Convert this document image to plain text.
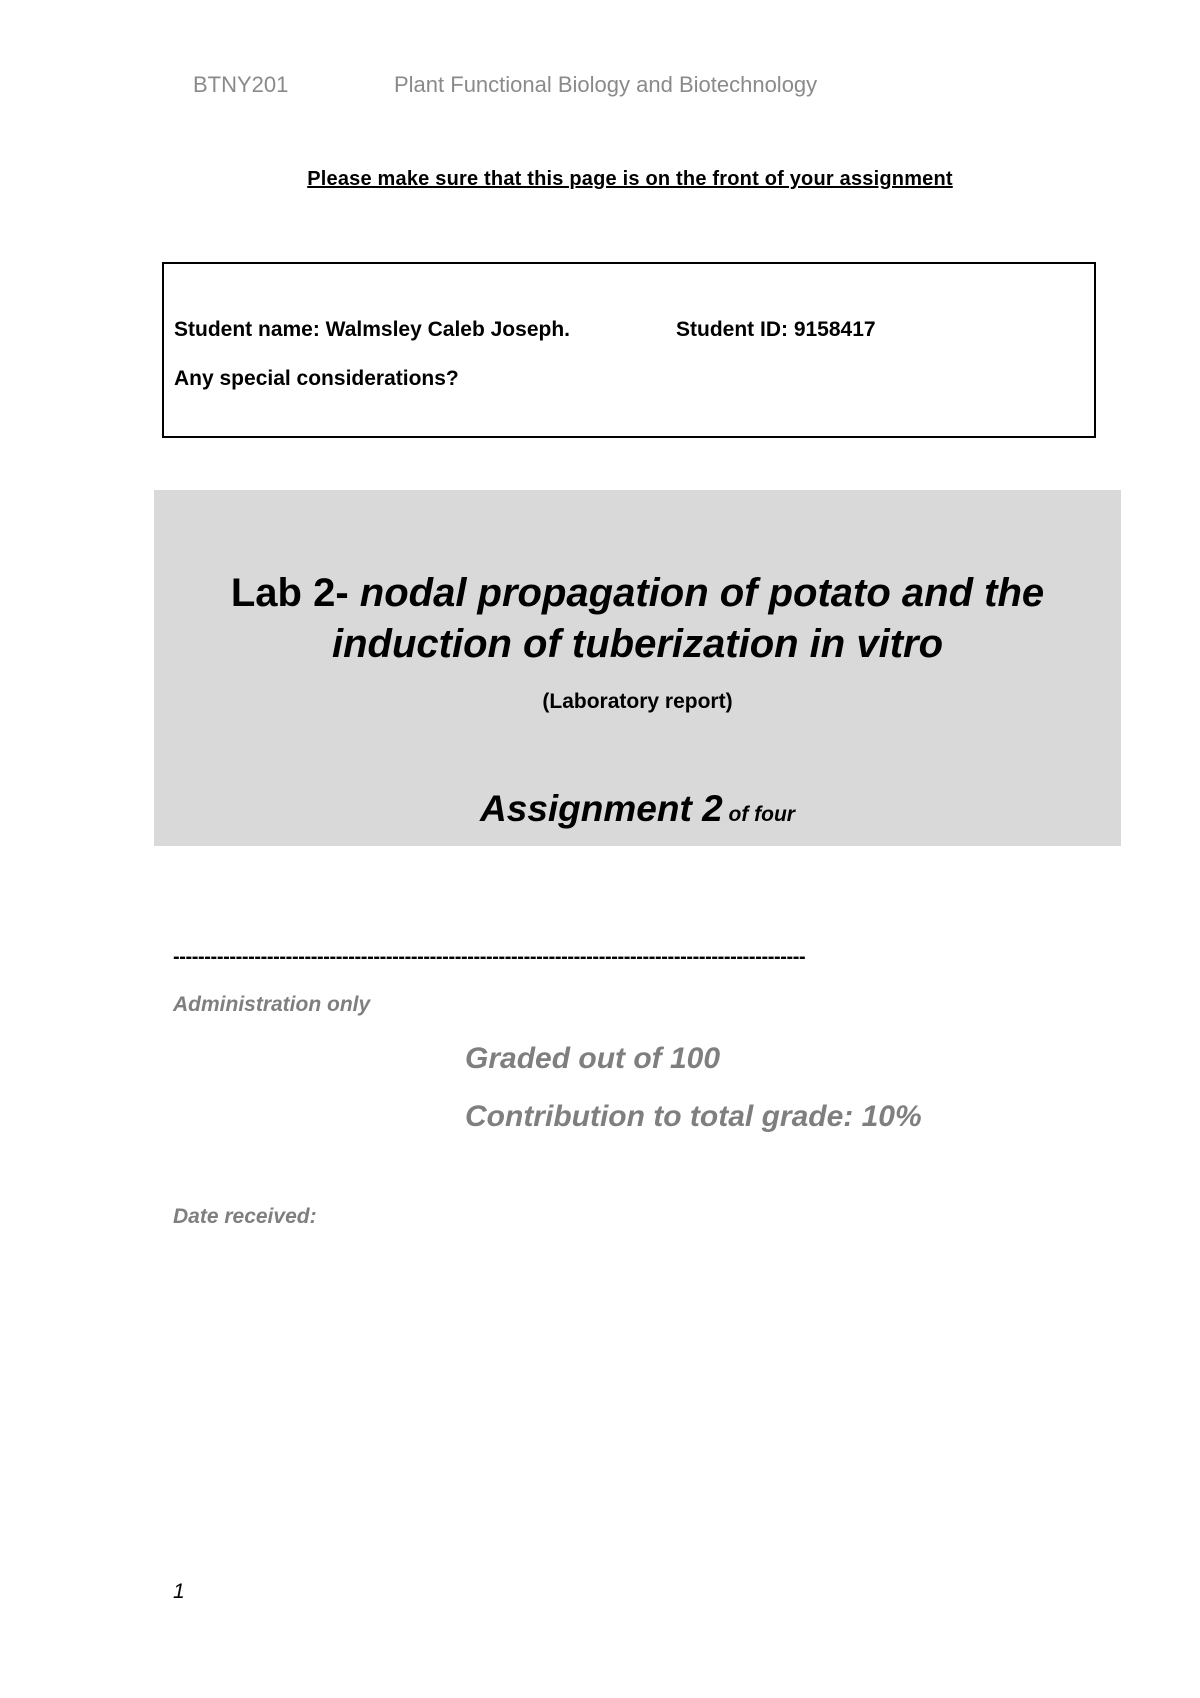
BTNY201	Plant Functional Biology and Biotechnology
Please make sure that this page is on the front of your assignment
Student name: Walmsley Caleb Joseph.	Student ID: 9158417
Any special considerations?
Lab 2- nodal propagation of potato and the induction of tuberization in vitro
(Laboratory report)
Assignment 2 of four
-----------------------------------------------------------------------------------------------------
Administration only
Graded out of 100
Contribution to total grade: 10%
Date received:
1
